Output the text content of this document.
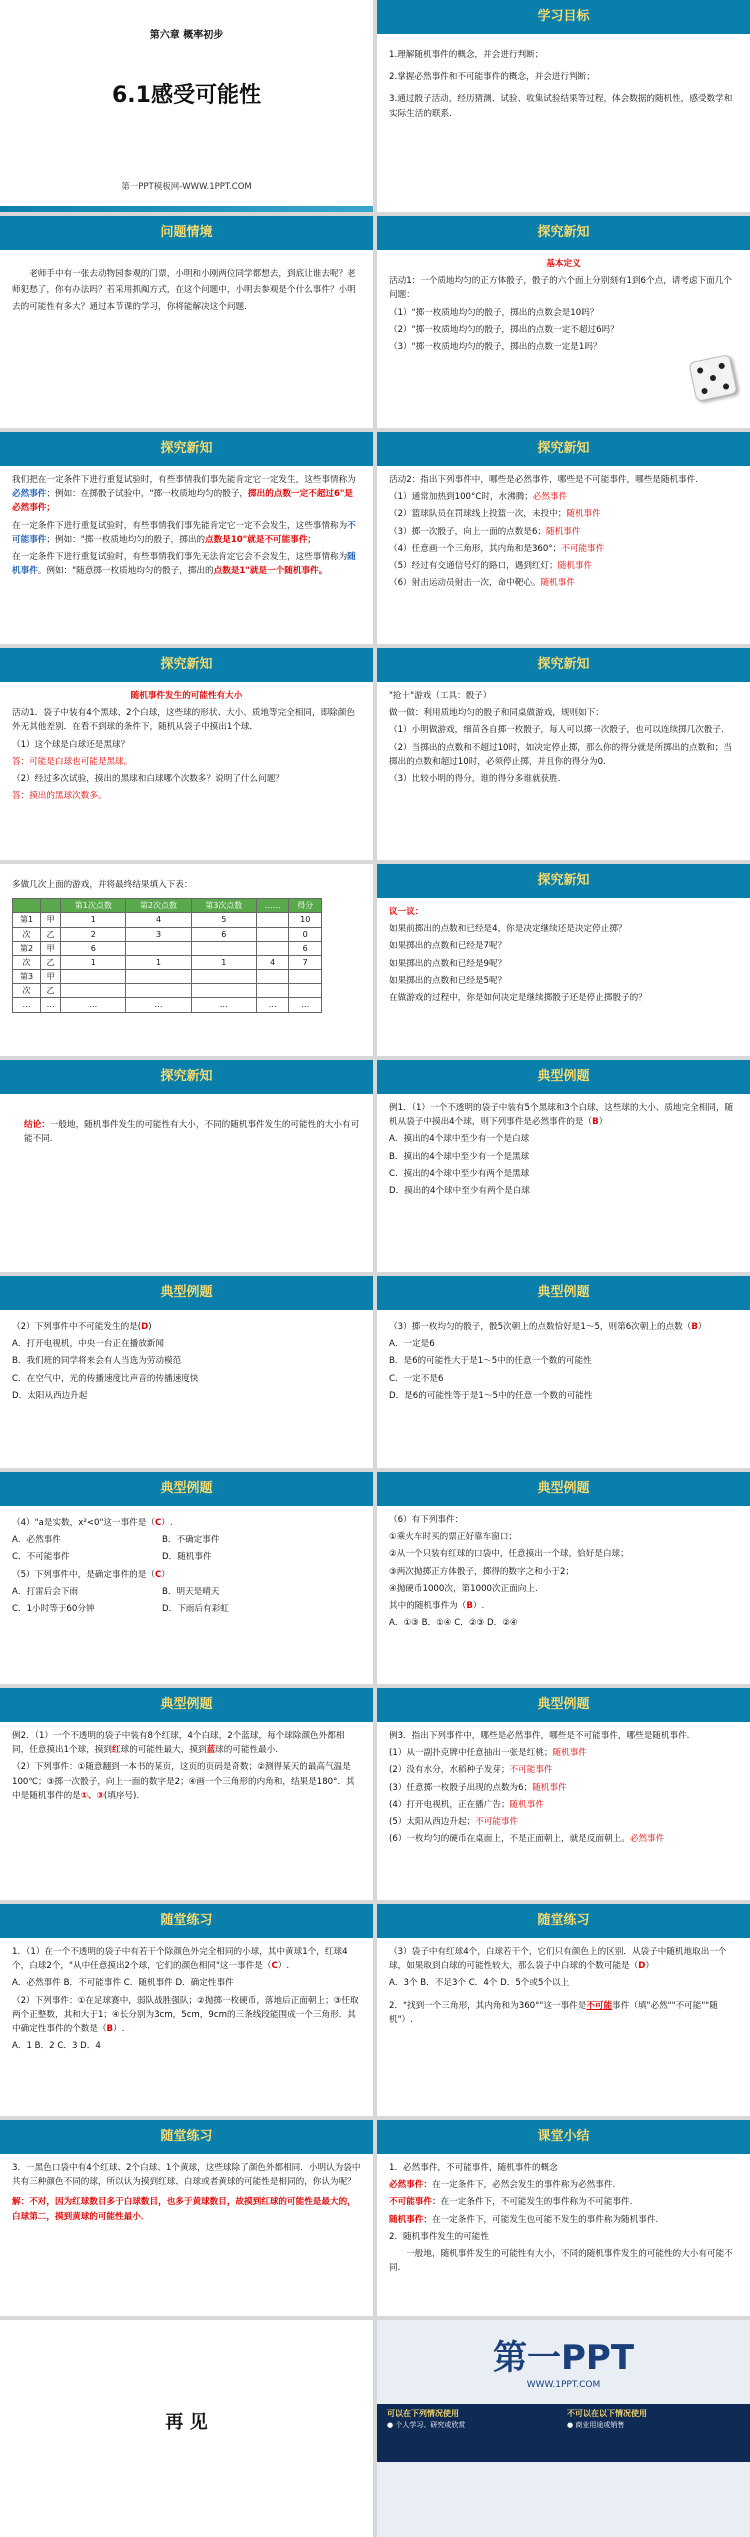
第六章 概率初步
6.1感受可能性
第一PPT模板网-WWW.1PPT.COM
学习目标

1.理解随机事件的概念，并会进行判断；

2.掌握必然事件和不可能事件的概念，并会进行判断；

3.通过骰子活动，经历猜测、试验、收集试验结果等过程，体会数据的随机性，感受数学和实际生活的联系.

问题情境

老师手中有一张去动物园参观的门票，小明和小刚两位同学都想去，到底让谁去呢？老师犯愁了，你有办法吗？若采用抓阄方式，在这个问题中，小明去参观是个什么事件？小明去的可能性有多大？通过本节课的学习，你将能解决这个问题.

探究新知

基本定义

活动1：一个质地均匀的正方体骰子，骰子的六个面上分别刻有1到6个点，请考虑下面几个问题：

（1）"掷一枚质地均匀的骰子，掷出的点数会是10吗？

（2）"掷一枚质地均匀的骰子，掷出的点数一定不超过6吗？

（3）"掷一枚质地均匀的骰子，掷出的点数一定是1吗？

探究新知

我们把在一定条件下进行重复试验时，有些事情我们事先能肯定它一定发生，这些事情称为必然事件；例如：在掷骰子试验中，"掷一枚质地均匀的骰子，掷出的点数一定不超过6"是必然事件；

在一定条件下进行重复试验时，有些事情我们事先能肯定它一定不会发生，这些事情称为不可能事件；例如："掷一枚质地均匀的骰子，掷出的点数是10"就是不可能事件；

在一定条件下进行重复试验时，有些事情我们事先无法肯定它会不会发生，这些事情称为随机事件。例如："随意掷一枚质地均匀的骰子，掷出的点数是1"就是一个随机事件。

探究新知

活动2：指出下列事件中，哪些是必然事件，哪些是不可能事件，哪些是随机事件.

（1）通常加热到100°C时，水沸腾；必然事件

（2）篮球队员在罚球线上投篮一次，未投中；随机事件

（3）掷一次骰子，向上一面的点数是6；随机事件

（4）任意画一个三角形，其内角和是360°；不可能事件

（5）经过有交通信号灯的路口，遇到红灯；随机事件

（6）射击运动员射击一次，命中靶心。随机事件

探究新知

随机事件发生的可能性有大小

活动1．袋子中装有4个黑球、2个白球，这些球的形状、大小、质地等完全相同，即除颜色外无其他差别．在看不到球的条件下，随机从袋子中摸出1个球．

（1）这个球是白球还是黑球？

答：可能是白球也可能是黑球。

（2）经过多次试验，摸出的黑球和白球哪个次数多？说明了什么问题？

答：摸出的黑球次数多。

探究新知

"抢十"游戏（工具：骰子）

做一做：利用质地均匀的骰子和同桌做游戏，规则如下：

（1）小明做游戏，细苗各自掷一枚骰子，每人可以掷一次骰子，也可以连续掷几次骰子.

（2）当掷出的点数和不超过10时，如决定停止掷，那么你的得分就是所掷出的点数和；当掷出的点数和超过10时，必须停止掷，并且你的得分为0.

（3）比较小明的得分，谁的得分多谁就获胜.

多做几次上面的游戏，并将最终结果填入下表：

		第1次点数	第2次点数	第3次点数	……	得分
第1	甲	1	4	5		10
次	乙	2	3	6		0
第2	甲	6				6
次	乙	1	1	1	4	7
第3	甲					
次	乙					
…	…	…	…	…	…	…
探究新知

议一议：

如果前掷出的点数和已经是4，你是决定继续还是决定停止掷？

如果掷出的点数和已经是7呢？

如果掷出的点数和已经是9呢？

如果掷出的点数和已经是5呢？

在做游戏的过程中，你是如何决定是继续掷骰子还是停止掷骰子的？

探究新知

结论：一般地，随机事件发生的可能性有大小，不同的随机事件发生的可能性的大小有可能不同.

典型例题

例1．（1）一个不透明的袋子中装有5个黑球和3个白球，这些球的大小、质地完全相同，随机从袋子中摸出4个球，则下列事件是必然事件的是（B）

A．摸出的4个球中至少有一个是白球

B．摸出的4个球中至少有一个是黑球

C．摸出的4个球中至少有两个是黑球

D．摸出的4个球中至少有两个是白球

典型例题

（2）下列事件中不可能发生的是(D)

A．打开电视机，中央一台正在播放新闻

B．我们班的同学将来会有人当选为劳动模范

C．在空气中，光的传播速度比声音的传播速度快

D．太阳从西边升起

典型例题

（3）掷一枚均匀的骰子，骰5次朝上的点数恰好是1～5，则第6次朝上的点数（B）

A．一定是6

B．是6的可能性大于是1～5中的任意一个数的可能性

C．一定不是6

D．是6的可能性等于是1～5中的任意一个数的可能性

典型例题

（4）"a是实数，x²<0"这一事件是（C）.

A．必然事件	B．不确定事件

C．不可能事件	D．随机事件

（5）下列事件中，是确定事件的是（C）

A．打雷后会下雨	B．明天是晴天

C．1小时等于60分钟	D．下雨后有彩虹

典型例题

（6）有下列事件：

①乘火车时买的票正好靠车窗口；

②从一个只装有红球的口袋中，任意摸出一个球，恰好是白球；

③两次抛掷正方体骰子，掷得的数字之和小于2；

④抛硬币1000次，第1000次正面向上.

其中的随机事件为（B）.

A．①③ B．①④ C．②③ D．②④

典型例题

例2．（1）一个不透明的袋子中装有8个红球，4个白球，2个蓝球，每个球除颜色外都相同，任意摸出1个球，摸到红球的可能性最大，摸到蓝球的可能性最小．

（2）下列事件：①随意翻到一本书的某页，这页的页码是奇数；②测得某天的最高气温是100℃；③掷一次骰子，向上一面的数字是2；④画一个三角形的内角和，结果是180°．其中是随机事件的是①、③(填序号).

典型例题

例3．指出下列事件中，哪些是必然事件，哪些是不可能事件，哪些是随机事件.

(1）从一副扑克牌中任意抽出一张是红桃；随机事件

(2）没有水分，水稻种子发芽；不可能事件

(3）任意掷一枚骰子出现的点数为6；随机事件

(4）打开电视机，正在播广告；随机事件

(5）太阳从西边升起；不可能事件

(6）一枚均匀的硬币在桌面上，不是正面朝上，就是反面朝上。必然事件

随堂练习

1．（1）在一个不透明的袋子中有若干个除颜色外完全相同的小球，其中黄球1个，红球4个，白球2个，"从中任意摸出2个球，它们的颜色相同"这一事件是（C）.

A．必然事件 B．不可能事件 C．随机事件 D．确定性事件

（2）下列事件：①在足球赛中，弱队战胜强队；②抛掷一枚硬币，落地后正面朝上；③任取两个正整数，其和大于1；④长分别为3cm，5cm，9cm的三条线段能围成一个三角形．其中确定性事件的个数是（B）.

A．1 B．2 C．3 D．4

随堂练习

（3）袋子中有红球4个，白球若干个，它们只有颜色上的区别．从袋子中随机地取出一个球，如果取到白球的可能性较大，那么袋子中白球的个数可能是（D）

A．3个 B．不足3个 C．4个 D．5个或5个以上

2．"找到一个三角形，其内角和为360°"这一事件是不可能事件（填"必然""不可能""随机"）.

随堂练习

3．一黑色口袋中有4个红球、2个白球、1个黄球，这些球除了颜色外都相同．小明认为袋中共有三种颜色不同的球，所以认为摸到红球、白球或者黄球的可能性是相同的，你认为呢？

解：不对，因为红球数目多于白球数目，也多于黄球数目，故摸到红球的可能性是最大的，白球第二，摸到黄球的可能性最小．

课堂小结

1．必然事件，不可能事件，随机事件的概念

必然事件：在一定条件下，必然会发生的事件称为必然事件.

不可能事件：在一定条件下，不可能发生的事件称为不可能事件.

随机事件：在一定条件下，可能发生也可能不发生的事件称为随机事件.

2．随机事件发生的可能性

一般地，随机事件发生的可能性有大小，不同的随机事件发生的可能性的大小有可能不同.

再 见
第一PPT
WWW.1PPT.COM
可以在下列情况使用
● 个人学习、研究或欣赏
不可以在以下情况使用
● 商业用途或销售
